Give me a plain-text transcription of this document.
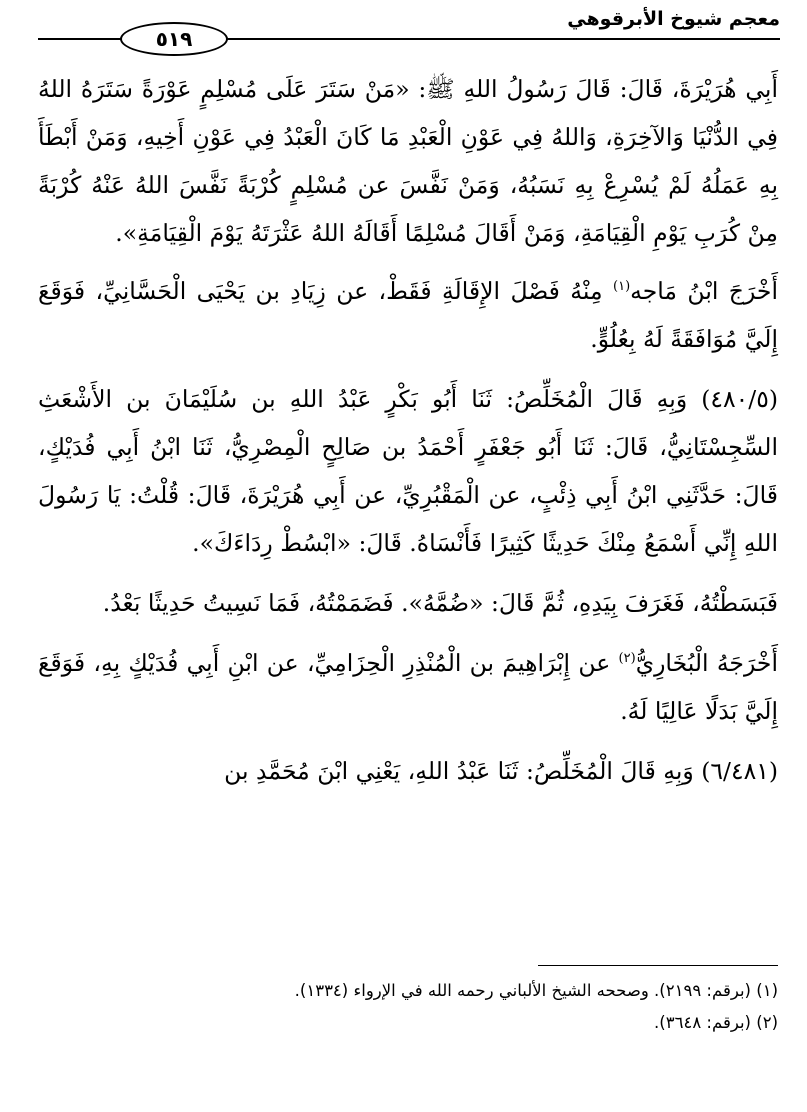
معجم شيوخ الأبرقوهي
٥١٩

أَبِي هُرَيْرَةَ، قَالَ: قَالَ رَسُولُ اللهِ ﷺ: «مَنْ سَتَرَ عَلَى مُسْلِمٍ عَوْرَةً سَتَرَهُ اللهُ فِي الدُّنْيَا وَالآخِرَةِ، وَاللهُ فِي عَوْنِ الْعَبْدِ مَا كَانَ الْعَبْدُ فِي عَوْنِ أَخِيهِ، وَمَنْ أَبْطَأَ بِهِ عَمَلُهُ لَمْ يُسْرِعْ بِهِ نَسَبُهُ، وَمَنْ نَفَّسَ عن مُسْلِمٍ كُرْبَةً نَفَّسَ اللهُ عَنْهُ كُرْبَةً مِنْ كُرَبِ يَوْمِ الْقِيَامَةِ، وَمَنْ أَقَالَ مُسْلِمًا أَقَالَهُ اللهُ عَثْرَتَهُ يَوْمَ الْقِيَامَةِ».

أَخْرَجَ ابْنُ مَاجه$^{(١)}$ مِنْهُ فَصْلَ الإِقَالَةِ فَقَطْ، عن زِيَادِ بن يَحْيَى الْحَسَّانِيِّ، فَوَقَعَ إِلَيَّ مُوَافَقَةً لَهُ بِعُلُوٍّ.

(٤٨٠/٥) وَبِهِ قَالَ الْمُخَلِّصُ: ثَنَا أَبُو بَكْرٍ عَبْدُ اللهِ بن سُلَيْمَانَ بن الأَشْعَثِ السِّجِسْتَانِيُّ، قَالَ: ثَنَا أَبُو جَعْفَرٍ أَحْمَدُ بن صَالِحٍ الْمِصْرِيُّ، ثَنَا ابْنُ أَبِي فُدَيْكٍ، قَالَ: حَدَّثَنِي ابْنُ أَبِي ذِئْبٍ، عن الْمَقْبُرِيِّ، عن أَبِي هُرَيْرَةَ، قَالَ: قُلْتُ: يَا رَسُولَ اللهِ إِنِّي أَسْمَعُ مِنْكَ حَدِيثًا كَثِيرًا فَأَنْسَاهُ. قَالَ: «ابْسُطْ رِدَاءَكَ».

فَبَسَطْتُهُ، فَغَرَفَ بِيَدِهِ، ثُمَّ قَالَ: «ضُمَّهُ». فَضَمَمْتُهُ، فَمَا نَسِيتُ حَدِيثًا بَعْدُ.

أَخْرَجَهُ الْبُخَارِيُّ$^{(٢)}$ عن إِبْرَاهِيمَ بن الْمُنْذِرِ الْحِزَامِيِّ، عن ابْنِ أَبِي فُدَيْكٍ بِهِ، فَوَقَعَ إِلَيَّ بَدَلًا عَالِيًا لَهُ.

(٦/٤٨١) وَبِهِ قَالَ الْمُخَلِّصُ: ثَنَا عَبْدُ اللهِ، يَعْنِي ابْنَ مُحَمَّدِ بن

(١) (برقم: ٢١٩٩). وصححه الشيخ الألباني رحمه الله في الإرواء (١٣٣٤).

(٢) (برقم: ٣٦٤٨).
